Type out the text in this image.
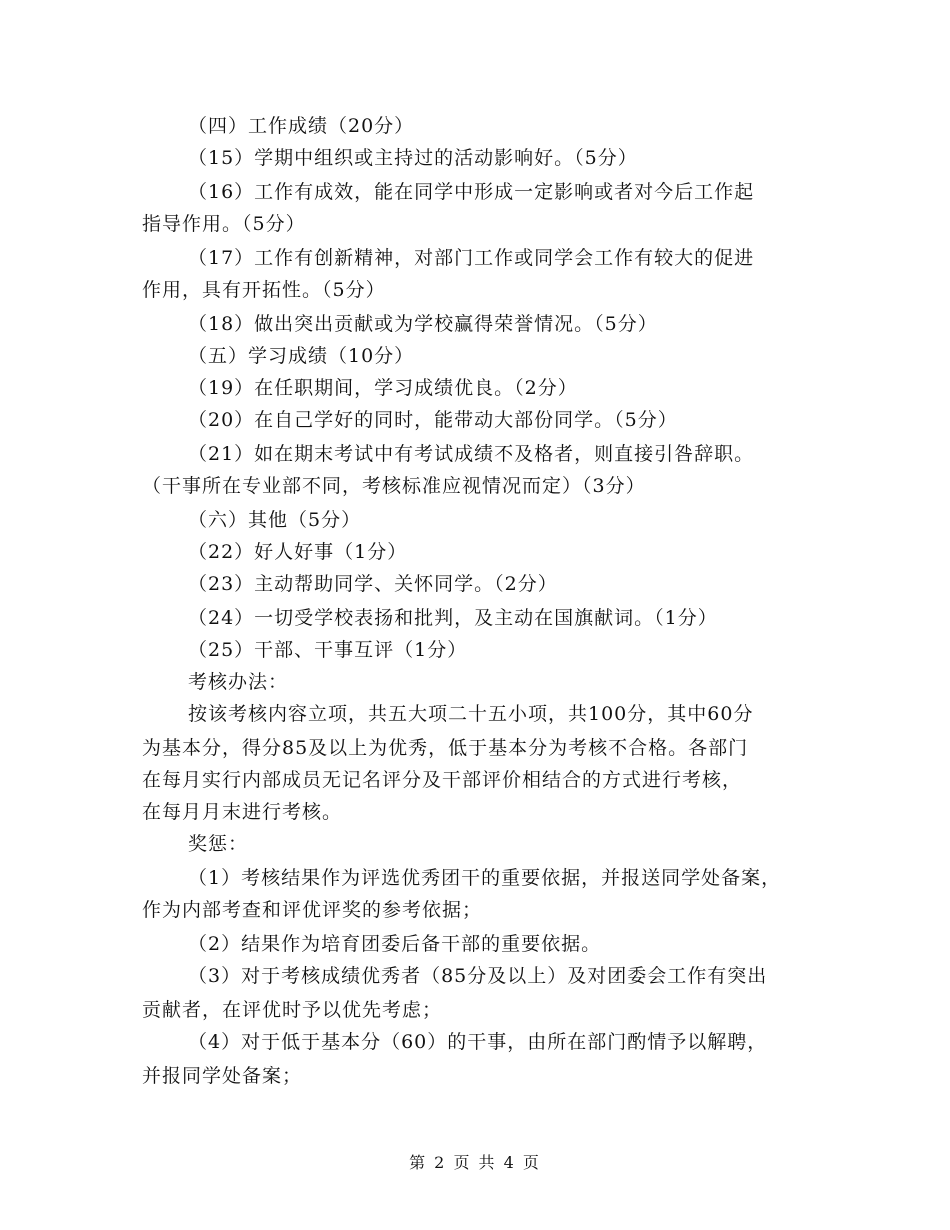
（四）工作成绩（20分）
（15）学期中组织或主持过的活动影响好。（5分）
（16）工作有成效，能在同学中形成一定影响或者对今后工作起
指导作用。（5分）
（17）工作有创新精神，对部门工作或同学会工作有较大的促进
作用，具有开拓性。（5分）
（18）做出突出贡献或为学校赢得荣誉情况。（5分）
（五）学习成绩（10分）
（19）在任职期间，学习成绩优良。（2分）
（20）在自己学好的同时，能带动大部份同学。（5分）
（21）如在期末考试中有考试成绩不及格者，则直接引咎辞职。
（干事所在专业部不同，考核标准应视情况而定）（3分）
（六）其他（5分）
（22）好人好事（1分）
（23）主动帮助同学、关怀同学。（2分）
（24）一切受学校表扬和批判，及主动在国旗献词。（1分）
（25）干部、干事互评（1分）
考核办法：
按该考核内容立项，共五大项二十五小项，共100分，其中60分
为基本分，得分85及以上为优秀，低于基本分为考核不合格。各部门
在每月实行内部成员无记名评分及干部评价相结合的方式进行考核，
在每月月末进行考核。
奖惩：
（1）考核结果作为评选优秀团干的重要依据，并报送同学处备案，
作为内部考查和评优评奖的参考依据；
（2）结果作为培育团委后备干部的重要依据。
（3）对于考核成绩优秀者（85分及以上）及对团委会工作有突出
贡献者，在评优时予以优先考虑；
（4）对于低于基本分（60）的干事，由所在部门酌情予以解聘，
并报同学处备案；
第 2 页 共 4 页
